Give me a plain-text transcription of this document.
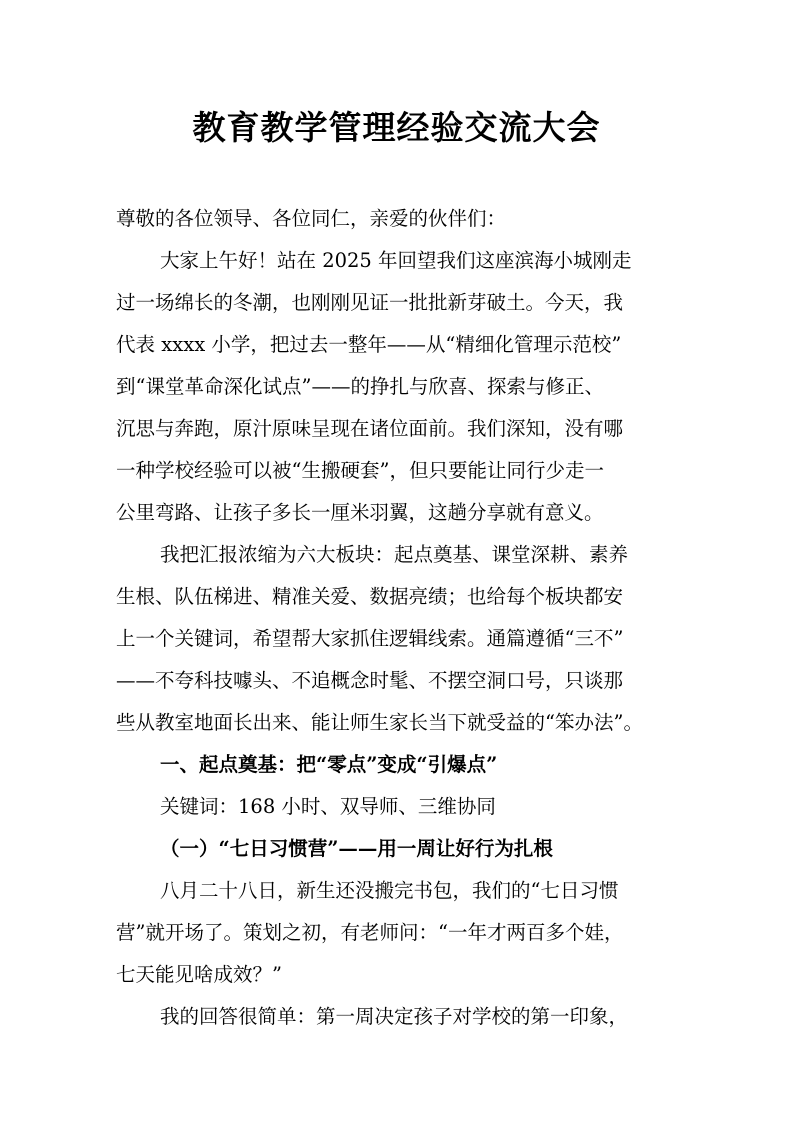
教育教学管理经验交流大会
尊敬的各位领导、各位同仁，亲爱的伙伴们：
大家上午好！站在 2025 年回望我们这座滨海小城刚走
过一场绵长的冬潮，也刚刚见证一批批新芽破土。今天，我
代表 xxxx 小学，把过去一整年——从“精细化管理示范校”
到“课堂革命深化试点”——的挣扎与欣喜、探索与修正、
沉思与奔跑，原汁原味呈现在诸位面前。我们深知，没有哪
一种学校经验可以被“生搬硬套”，但只要能让同行少走一
公里弯路、让孩子多长一厘米羽翼，这趟分享就有意义。
我把汇报浓缩为六大板块：起点奠基、课堂深耕、素养
生根、队伍梯进、精准关爱、数据亮绩；也给每个板块都安
上一个关键词，希望帮大家抓住逻辑线索。通篇遵循“三不”
——不夸科技噱头、不追概念时髦、不摆空洞口号，只谈那
些从教室地面长出来、能让师生家长当下就受益的“笨办法”。
一、起点奠基：把“零点”变成“引爆点”
关键词：168 小时、双导师、三维协同
（一）“七日习惯营”——用一周让好行为扎根
八月二十八日，新生还没搬完书包，我们的“七日习惯
营”就开场了。策划之初，有老师问：“一年才两百多个娃，
七天能见啥成效？”
我的回答很简单：第一周决定孩子对学校的第一印象，
